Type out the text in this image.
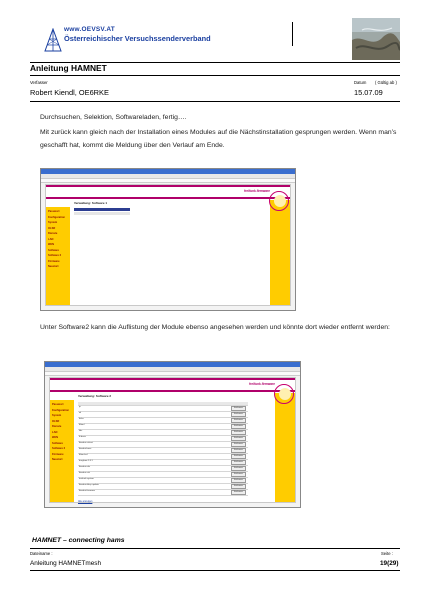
www.OEVSV.AT
Österreichischer Versuchssenderverband
Anleitung HAMNET
Verfasser
Robert Kiendl, OE6RKE
Datum ( Gültig ab )
15.07.09
Durchsuchen, Selektion, Softwareladen, fertig….
Mit zurück kann gleich nach der Installation eines Modules auf die Nächstinstallation gesprungen werden. Wenn man’s geschafft hat, kommt die Meldung über den Verlauf am Ende.
freifunk.firmware
Passwort
Konfiguration
System
OLSR
Dienste
LAN
WAN
Software
Software 2
Firmware
Neustart
Verwaltung: Software 1
Unter Software2 kann die Auflistung der Module ebenso angesehen werden und könnte dort wieder entfernt werden:
freifunk.firmware
Passwort
Konfiguration
System
OLSR
Dienste
LAN
WAN
Software
Software 2
Firmware
Neustart
Verwaltung: Software 2
ip	Entfernen
wl	Entfernen
ffolsr	Entfernen
ffhtml	Entfernen
libc	Entfernen
ff-basic	Entfernen
ffwebui-sslcert	Entfernen
ffwebui-base	Entfernen
ffhtml-ssl	Entfernen
busybox-1.6.1	Entfernen
ffwebui-olsr	Entfernen
ffwebui-ssh	Entfernen
freifunk-system	Entfernen
ffwebui-dhcp-update	Entfernen
ffwebui-firmware	Entfernen
Alle anzeigen
HAMNET – connecting hams
Dateiname :
Anleitung HAMNETmesh
Seite :
19(29)
